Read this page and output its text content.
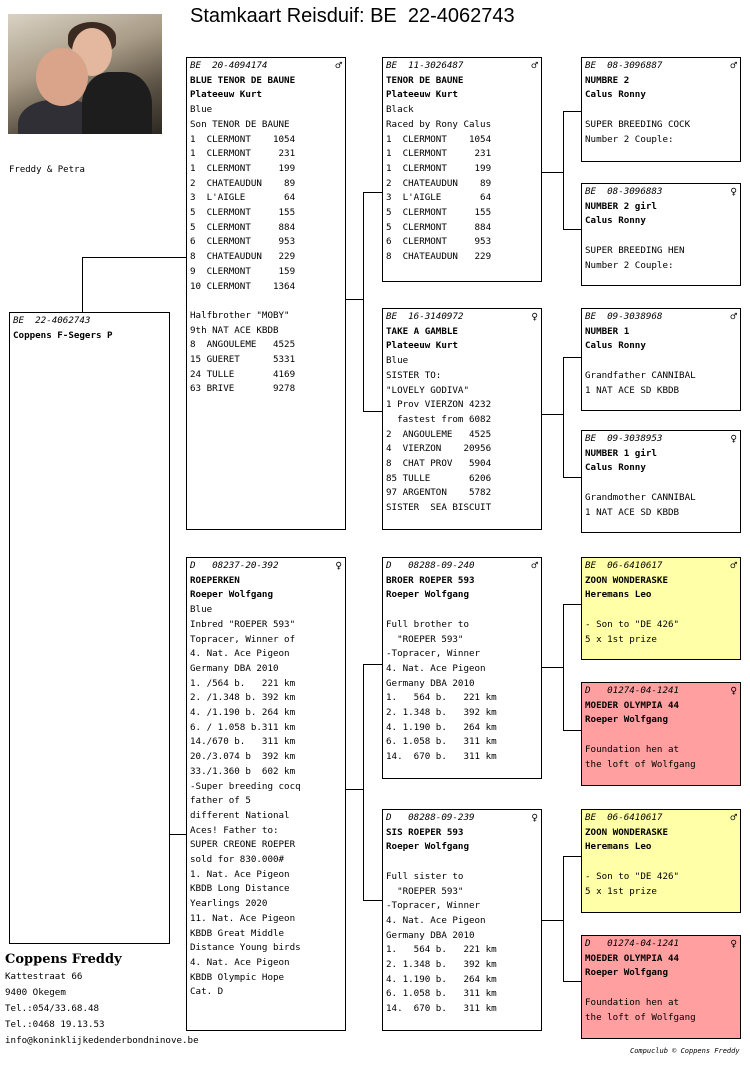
Stamkaart Reisduif: BE  22-4062743
Freddy & Petra
BE  22-4062743
Coppens F-Segers P
BE  20-4094174	♂
BLUE TENOR DE BAUNE
Plateeuw Kurt
Blue
Son TENOR DE BAUNE
1  CLERMONT    1054
1  CLERMONT     231
1  CLERMONT     199
2  CHATEAUDUN    89
3  L'AIGLE       64
5  CLERMONT     155
5  CLERMONT     884
6  CLERMONT     953
8  CHATEAUDUN   229
9  CLERMONT     159
10 CLERMONT    1364
Halfbrother "MOBY"
9th NAT ACE KBDB
8  ANGOULEME   4525
15 GUERET      5331
24 TULLE       4169
63 BRIVE       9278
D   08237-20-392	♀
ROEPERKEN
Roeper Wolfgang
Blue
Inbred "ROEPER 593"
Topracer, Winner of
4. Nat. Ace Pigeon
Germany DBA 2010
1. /564 b.   221 km
2. /1.348 b. 392 km
4. /1.190 b. 264 km
6. / 1.058 b.311 km
14./670 b.   311 km
20./3.074 b  392 km
33./1.360 b  602 km
-Super breeding cocq
father of 5
different National
Aces! Father to:
SUPER CREONE ROEPER
sold for 830.000#
1. Nat. Ace Pigeon
KBDB Long Distance
Yearlings 2020
11. Nat. Ace Pigeon
KBDB Great Middle
Distance Young birds
4. Nat. Ace Pigeon
KBDB Olympic Hope
Cat. D
BE  11-3026487	♂
TENOR DE BAUNE
Plateeuw Kurt
Black
Raced by Rony Calus
1  CLERMONT    1054
1  CLERMONT     231
1  CLERMONT     199
2  CHATEAUDUN    89
3  L'AIGLE       64
5  CLERMONT     155
5  CLERMONT     884
6  CLERMONT     953
8  CHATEAUDUN   229
BE  16-3140972	♀
TAKE A GAMBLE
Plateeuw Kurt
Blue
SISTER TO:
"LOVELY GODIVA"
1 Prov VIERZON 4232
fastest from 6082
2  ANGOULEME   4525
4  VIERZON    20956
8  CHAT PROV   5904
85 TULLE       6206
97 ARGENTON    5782
SISTER  SEA BISCUIT
D   08288-09-240	♂
BROER ROEPER 593
Roeper Wolfgang
Full brother to
"ROEPER 593"
-Topracer, Winner
4. Nat. Ace Pigeon
Germany DBA 2010
1.   564 b.   221 km
2. 1.348 b.   392 km
4. 1.190 b.   264 km
6. 1.058 b.   311 km
14.  670 b.   311 km
D   08288-09-239	♀
SIS ROEPER 593
Roeper Wolfgang
Full sister to
"ROEPER 593"
-Topracer, Winner
4. Nat. Ace Pigeon
Germany DBA 2010
1.   564 b.   221 km
2. 1.348 b.   392 km
4. 1.190 b.   264 km
6. 1.058 b.   311 km
14.  670 b.   311 km
BE  08-3096887	♂
NUMBRE 2
Calus Ronny
SUPER BREEDING COCK
Number 2 Couple:
BE  08-3096883	♀
NUMBER 2 girl
Calus Ronny
SUPER BREEDING HEN
Number 2 Couple:
BE  09-3038968	♂
NUMBER 1
Calus Ronny
Grandfather CANNIBAL
1 NAT ACE SD KBDB
BE  09-3038953	♀
NUMBER 1 girl
Calus Ronny
Grandmother CANNIBAL
1 NAT ACE SD KBDB
BE  06-6410617	♂
ZOON WONDERASKE
Heremans Leo
- Son to "DE 426"
5 x 1st prize
D   01274-04-1241	♀
MOEDER OLYMPIA 44
Roeper Wolfgang
Foundation hen at
the loft of Wolfgang
BE  06-6410617	♂
ZOON WONDERASKE
Heremans Leo
- Son to "DE 426"
5 x 1st prize
D   01274-04-1241	♀
MOEDER OLYMPIA 44
Roeper Wolfgang
Foundation hen at
the loft of Wolfgang
Coppens Freddy
Kattestraat 66
9400 Okegem
Tel.:054/33.68.48
Tel.:0468 19.13.53
info@koninklijkedenderbondninove.be
Compuclub © Coppens Freddy
